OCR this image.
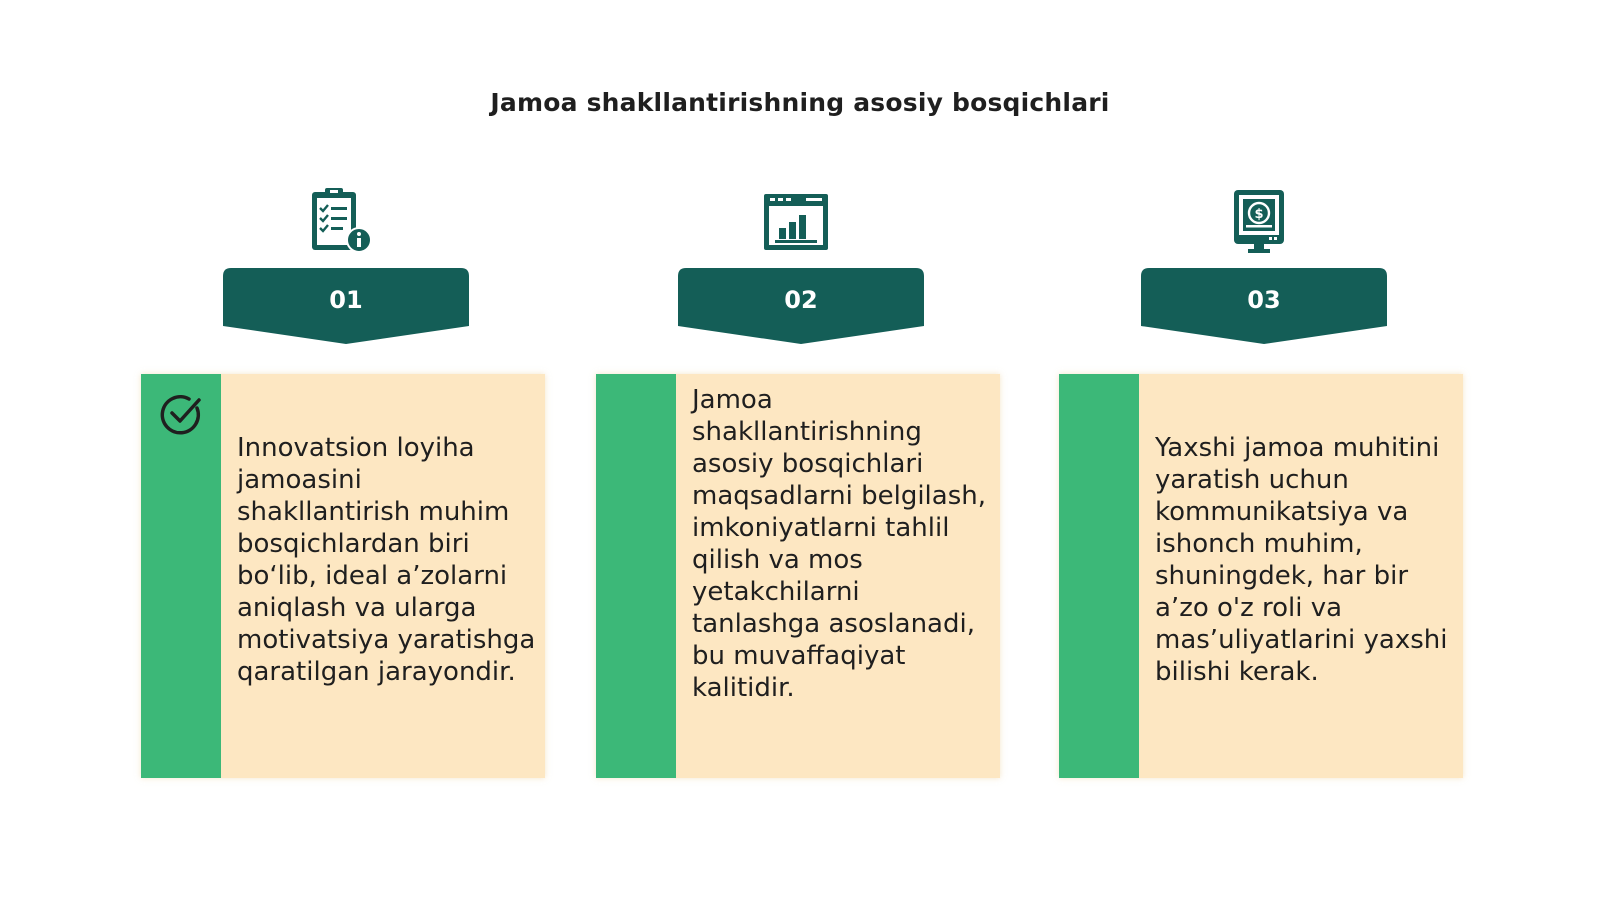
Jamoa shakllantirishning asosiy bosqichlari
01
Innovatsion loyiha jamoasini shakllantirish muhim bosqichlardan biri bo‘lib, ideal a’zolarni aniqlash va ularga motivatsiya yaratishga qaratilgan jarayondir.
02
Jamoa shakllantirishning asosiy bosqichlari maqsadlarni belgilash, imkoniyatlarni tahlil qilish va mos yetakchilarni tanlashga asoslanadi, bu muvaffaqiyat kalitidir.
$
03
Yaxshi jamoa muhitini yaratish uchun kommunikatsiya va ishonch muhim, shuningdek, har bir a’zo o'z roli va mas’uliyatlarini yaxshi bilishi kerak.
